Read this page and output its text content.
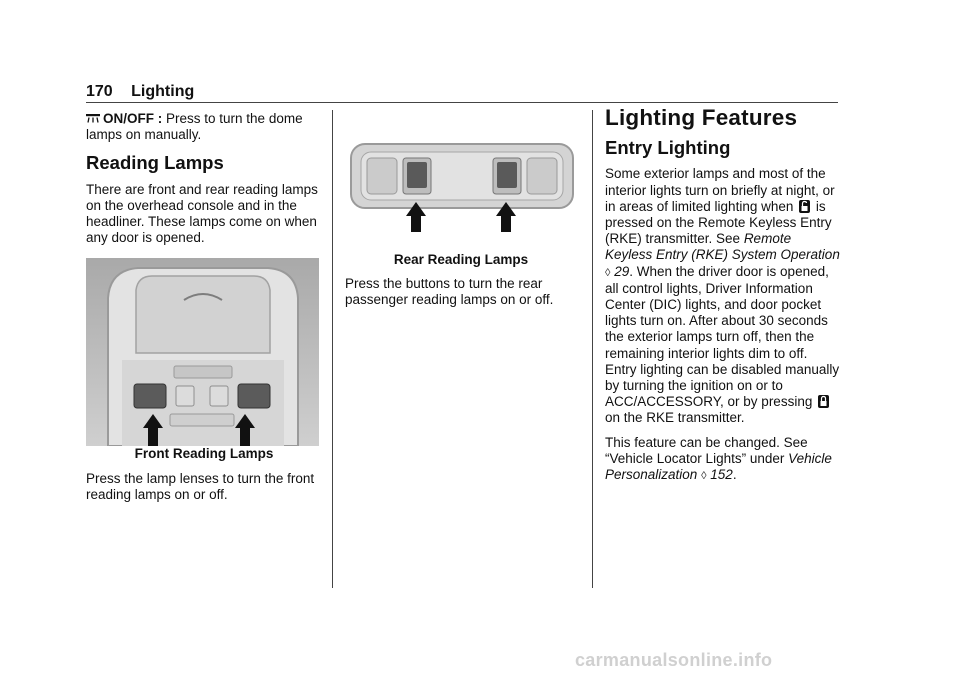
170 Lighting

ON/OFF : Press to turn the dome lamps on manually.

Reading Lamps

There are front and rear reading lamps on the overhead console and in the headliner. These lamps come on when any door is opened.

Front Reading Lamps

Press the lamp lenses to turn the front reading lamps on or off.

Rear Reading Lamps

Press the buttons to turn the rear passenger reading lamps on or off.

Lighting Features
Entry Lighting

Some exterior lamps and most of the interior lights turn on briefly at night, or in areas of limited lighting when is pressed on the Remote Keyless Entry (RKE) transmitter. See Remote Keyless Entry (RKE) System Operation ◊ 29. When the driver door is opened, all control lights, Driver Information Center (DIC) lights, and door pocket lights turn on. After about 30 seconds the exterior lamps turn off, then the remaining interior lights dim to off. Entry lighting can be disabled manually by turning the ignition on or to ACC/ACCESSORY, or by pressing  on the RKE transmitter.

This feature can be changed. See “Vehicle Locator Lights” under Vehicle Personalization ◊ 152.

carmanualsonline.info
